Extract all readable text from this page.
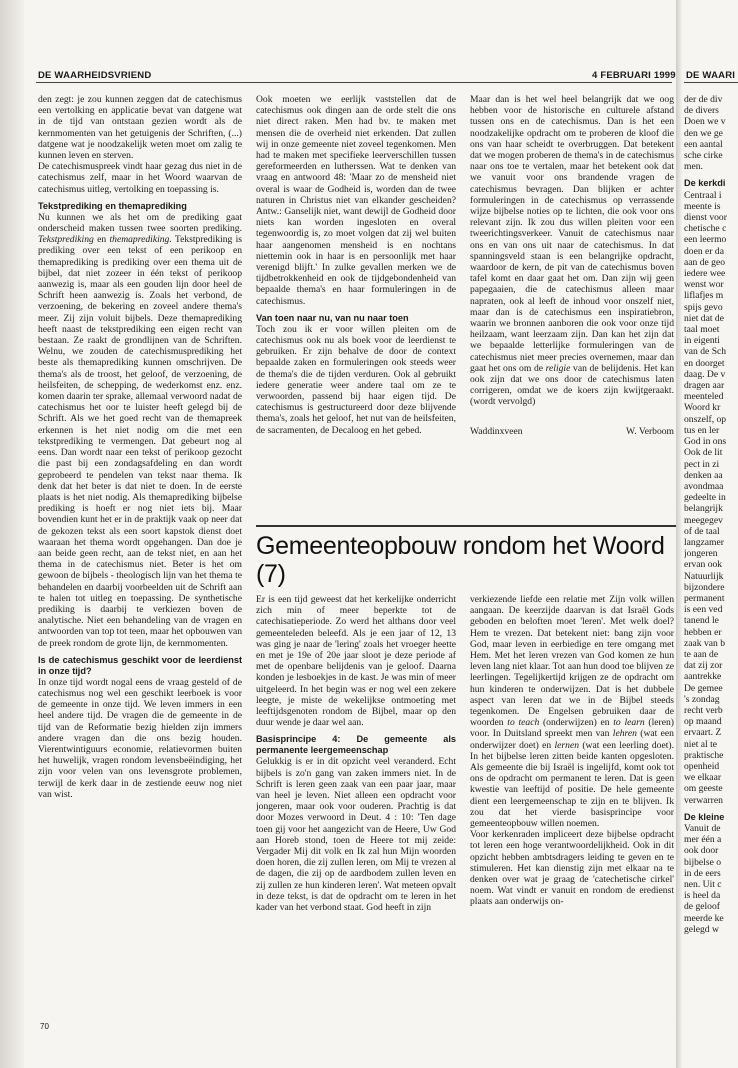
DE WAARHEIDSVRIEND	4 FEBRUARI 1999 DE WAARI

den zegt: je zou kunnen zeggen dat de catechismus een vertolking en applicatie bevat van datgene wat in de tijd van ontstaan gezien wordt als de kernmomenten van het getuigenis der Schriften, (...) datgene wat je noodzakelijk weten moet om zalig te kunnen leven en sterven.

De catechismuspreek vindt haar gezag dus niet in de catechismus zelf, maar in het Woord waarvan de catechismus uitleg, vertolking en toepassing is.

Tekstprediking en themaprediking

Nu kunnen we als het om de prediking gaat onderscheid maken tussen twee soorten prediking. Tekstprediking en themaprediking. Tekstprediking is prediking over een tekst of een perikoop en themaprediking is prediking over een thema uit de bijbel, dat niet zozeer in één tekst of perikoop aanwezig is, maar als een gouden lijn door heel de Schrift heen aanwezig is. Zoals het verbond, de verzoening, de bekering en zoveel andere thema's meer. Zij zijn voluit bijbels. Deze themaprediking heeft naast de tekstprediking een eigen recht van bestaan. Ze raakt de grondlijnen van de Schriften. Welnu, we zouden de catechismusprediking het beste als themaprediking kunnen omschrijven. De thema's als de troost, het geloof, de verzoening, de heilsfeiten, de schepping, de wederkomst enz. enz. komen daarin ter sprake, allemaal verwoord nadat de catechismus het oor te luister heeft gelegd bij de Schrift. Als we het goed recht van de themapreek erkennen is het niet nodig om die met een tekstprediking te vermengen. Dat gebeurt nog al eens. Dan wordt naar een tekst of perikoop gezocht die past bij een zondagsafdeling en dan wordt geprobeerd te pendelen van tekst naar thema. Ik denk dat het beter is dat niet te doen. In de eerste plaats is het niet nodig. Als themaprediking bijbelse prediking is hoeft er nog niet iets bij. Maar bovendien kunt het er in de praktijk vaak op neer dat de gekozen tekst als een soort kapstok dienst doet waaraan het thema wordt opgehangen. Dan doe je aan beide geen recht, aan de tekst niet, en aan het thema in de catechismus niet. Beter is het om gewoon de bijbels - theologisch lijn van het thema te behandelen en daarbij voorbeelden uit de Schrift aan te halen tot uitleg en toepassing. De synthetische prediking is daarbij te verkiezen boven de analytische. Niet een behandeling van de vragen en antwoorden van top tot teen, maar het opbouwen van de preek rondom de grote lijn, de kernmomenten.

Is de catechismus geschikt voor de leerdienst in onze tijd?

In onze tijd wordt nogal eens de vraag gesteld of de catechismus nog wel een geschikt leerboek is voor de gemeente in onze tijd. We leven immers in een heel andere tijd. De vragen die de gemeente in de tijd van de Reformatie bezig hielden zijn immers andere vragen dan die ons bezig houden. Vierentwintiguurs economie, relatievormen buiten het huwelijk, vragen rondom levensbeëindiging, het zijn voor velen van ons levensgrote problemen, terwijl de kerk daar in de zestiende eeuw nog niet van wist.

Ook moeten we eerlijk vaststellen dat de catechismus ook dingen aan de orde stelt die ons niet direct raken. Men had bv. te maken met mensen die de overheid niet erkenden. Dat zullen wij in onze gemeente niet zoveel tegenkomen. Men had te maken met specifieke leerverschillen tussen gereformeerden en lutherssen. Wat te denken van vraag en antwoord 48: 'Maar zo de mensheid niet overal is waar de Godheid is, worden dan de twee naturen in Christus niet van elkander gescheiden? Antw.: Ganselijk niet, want dewijl de Godheid door niets kan worden ingesloten en overal tegenwoordig is, zo moet volgen dat zij wel buiten haar aangenomen mensheid is en nochtans niettemin ook in haar is en persoonlijk met haar verenigd blijft.' In zulke gevallen merken we de tijdbetrokkenheid en ook de tijdgebondenheid van bepaalde thema's en haar formuleringen in de catechismus.

Van toen naar nu, van nu naar toen

Toch zou ik er voor willen pleiten om de catechismus ook nu als boek voor de leerdienst te gebruiken. Er zijn behalve de door de context bepaalde zaken en formuleringen ook steeds weer de thema's die de tijden verduren. Ook al gebruikt iedere generatie weer andere taal om ze te verwoorden, passend bij haar eigen tijd. De catechismus is gestructureerd door deze blijvende thema's, zoals het geloof, het nut van de heilsfeiten, de sacramenten, de Decaloog en het gebed.

Maar dan is het wel heel belangrijk dat we oog hebben voor de historische en culturele afstand tussen ons en de catechismus. Dan is het een noodzakelijke opdracht om te proberen de kloof die ons van haar scheidt te overbruggen. Dat betekent dat we mogen proberen de thema's in de catechismus naar ons toe te vertalen, maar het betekent ook dat we vanuit voor ons brandende vragen de catechismus bevragen. Dan blijken er achter formuleringen in de catechismus op verrassende wijze bijbelse noties op te lichten, die ook voor ons relevant zijn. Ik zou dus willen pleiten voor een tweerichtingsverkeer. Vanuit de catechismus naar ons en van ons uit naar de catechismus. In dat spanningsveld staan is een belangrijke opdracht, waardoor de kern, de pit van de catechismus boven tafel komt en daar gaat het om. Dan zijn wij geen papegaaien, die de catechismus alleen maar napraten, ook al leeft de inhoud voor onszelf niet, maar dan is de catechismus een inspiratiebron, waarin we bronnen aanboren die ook voor onze tijd heilzaam, want leerzaam zijn. Dan kan het zijn dat we bepaalde letterlijke formuleringen van de catechismus niet meer precies overnemen, maar dan gaat het ons om de religie van de belijdenis. Het kan ook zijn dat we ons door de catechismus laten corrigeren, omdat we de koers zijn kwijtgeraakt. (wordt vervolgd)

Waddinxveen	W. Verboom
Gemeenteopbouw rondom het Woord (7)

Er is een tijd geweest dat het kerkelijke onderricht zich min of meer beperkte tot de catechisatieperiode. Zo werd het althans door veel gemeenteleden beleefd. Als je een jaar of 12, 13 was ging je naar de 'lering' zoals het vroeger heette en met je 19e of 20e jaar sloot je deze periode af met de openbare belijdenis van je geloof. Daarna konden je lesboekjes in de kast. Je was min of meer uitgeleerd. In het begin was er nog wel een zekere leegte, je miste de wekelijkse ontmoeting met leeftijdsgenoten rondom de Bijbel, maar op den duur wende je daar wel aan.

Basisprincipe 4: De gemeente als permanente leergemeenschap

Gelukkig is er in dit opzicht veel veranderd. Echt bijbels is zo'n gang van zaken immers niet. In de Schrift is leren geen zaak van een paar jaar, maar van heel je leven. Niet alleen een opdracht voor jongeren, maar ook voor ouderen. Prachtig is dat door Mozes verwoord in Deut. 4 : 10: 'Ten dage toen gij voor het aangezicht van de Heere, Uw God aan Horeb stond, toen de Heere tot mij zeide: Vergader Mij dit volk en Ik zal hun Mijn woorden doen horen, die zij zullen leren, om Mij te vrezen al de dagen, die zij op de aardbodem zullen leven en zij zullen ze hun kinderen leren'. Wat meteen opvalt in deze tekst, is dat de opdracht om te leren in het kader van het verbond staat. God heeft in zijn

verkiezende liefde een relatie met Zijn volk willen aangaan. De keerzijde daarvan is dat Israël Gods geboden en beloften moet 'leren'. Met welk doel? Hem te vrezen. Dat betekent niet: bang zijn voor God, maar leven in eerbiedige en tere omgang met Hem. Met het leren vrezen van God komen ze hun leven lang niet klaar. Tot aan hun dood toe blijven ze leerlingen. Tegelijkertijd krijgen ze de opdracht om hun kinderen te onderwijzen. Dat is het dubbele aspect van leren dat we in de Bijbel steeds tegenkomen. De Engelsen gebruiken daar de woorden to teach (onderwijzen) en to learn (leren) voor. In Duitsland spreekt men van lehren (wat een onderwijzer doet) en lernen (wat een leerling doet). In het bijbelse leren zitten beide kanten opgesloten. Als gemeente die bij Israël is ingelijfd, komt ook tot ons de opdracht om permanent te leren. Dat is geen kwestie van leeftijd of positie. De hele gemeente dient een leergemeenschap te zijn en te blijven. Ik zou dat het vierde basisprincipe voor gemeenteopbouw willen noemen.

Voor kerkenraden impliceert deze bijbelse opdracht tot leren een hoge verantwoordelijkheid. Ook in dit opzicht hebben ambtsdragers leiding te geven en te stimuleren. Het kan dienstig zijn met elkaar na te denken over wat je graag de 'catechetische cirkel' noem. Wat vindt er vanuit en rondom de eredienst plaats aan onderwijs on-

70

der de div

de divers

Doen we v

den we ge

een aantal

sche cirke

men.

De kerkdi

Centraal i

meente is

dienst voor

chetische c

een leermo

doen er da

aan de geo

iedere wee

wenst wor

liflafjes m

spijs gevo

niet dat de

taal moet

in eigenti

van de Sch

en doorget

daag. De v

dragen aar

meenteled

Woord kr

onszelf, op

tus en ler

God in ons

Ook de lit

pect in zi

denken aa

avondmaa

gedeelte in

belangrijk

meegegev

of de taal

langzamer

jongeren

ervan ook

Natuurlijk

bijzondere

permanent

is een ved

tanend le

hebben er

zaak van b

te aan de

dat zij zor

aantrekke

De gemee

's zondag

recht verb

op maand

ervaart. Z

niet al te

praktische

openheid

we elkaar

om geeste

verwarren

De kleine

Vanuit de

mer één a

ook door

bijbelse o

in de eers

nen. Uit c

is heel da

de geloof

meerde ke

gelegd w
